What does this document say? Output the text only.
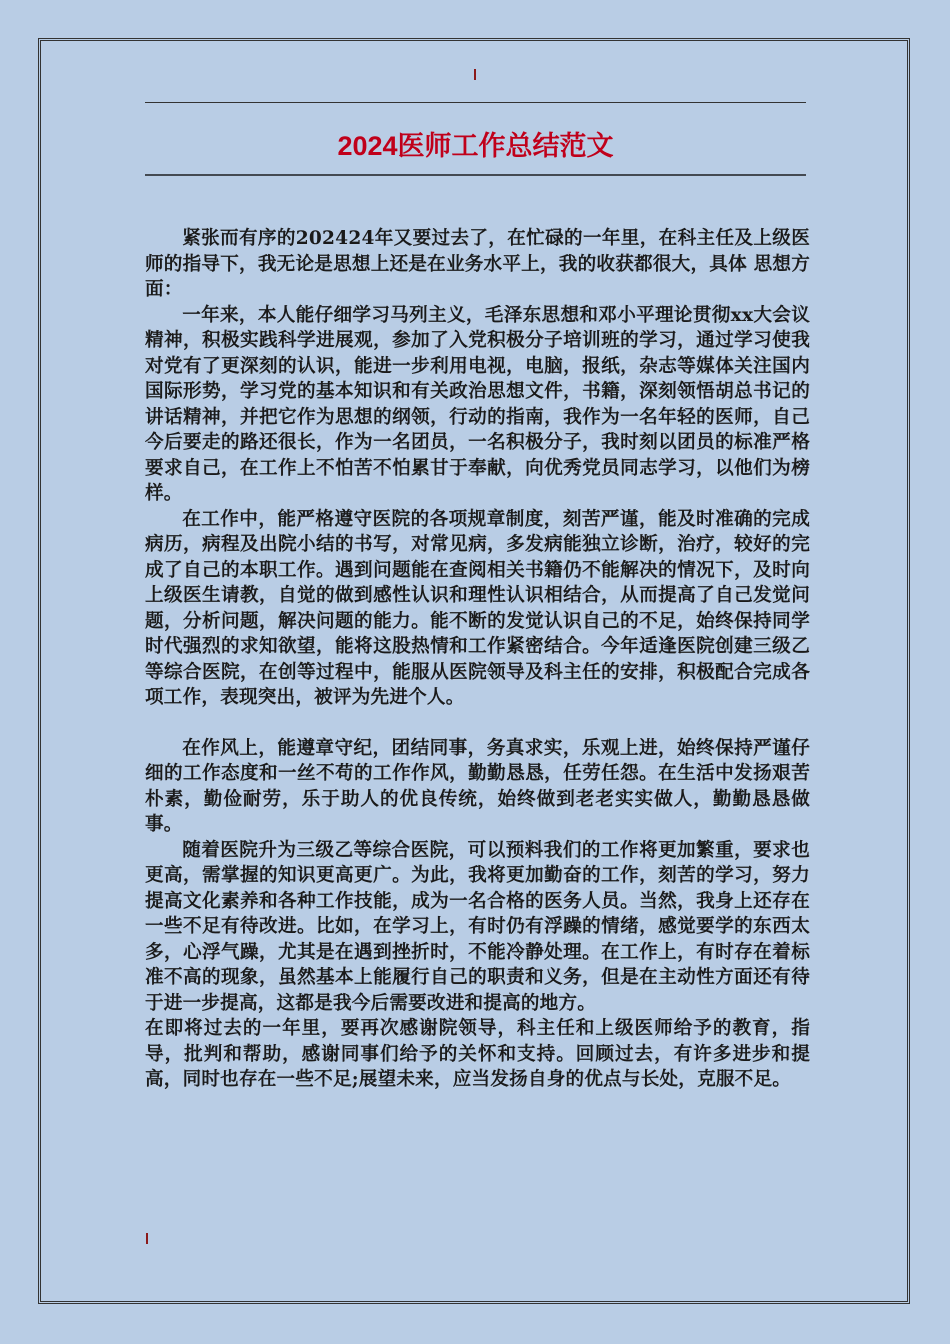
2024医师工作总结范文

紧张而有序的202424年又要过去了，在忙碌的一年里，在科主任及上级医师的指导下，我无论是思想上还是在业务水平上，我的收获都很大，具体 思想方面：

一年来，本人能仔细学习马列主义，毛泽东思想和邓小平理论贯彻xx大会议精神，积极实践科学进展观，参加了入党积极分子培训班的学习，通过学习使我对党有了更深刻的认识，能进一步利用电视，电脑，报纸，杂志等媒体关注国内国际形势，学习党的基本知识和有关政治思想文件，书籍，深刻领悟胡总书记的讲话精神，并把它作为思想的纲领，行动的指南，我作为一名年轻的医师，自己今后要走的路还很长，作为一名团员，一名积极分子，我时刻以团员的标准严格要求自己，在工作上不怕苦不怕累甘于奉献，向优秀党员同志学习，以他们为榜样。

在工作中，能严格遵守医院的各项规章制度，刻苦严谨，能及时准确的完成病历，病程及出院小结的书写，对常见病，多发病能独立诊断，治疗，较好的完成了自己的本职工作。遇到问题能在查阅相关书籍仍不能解决的情况下，及时向上级医生请教，自觉的做到感性认识和理性认识相结合，从而提高了自己发觉问题，分析问题，解决问题的能力。能不断的发觉认识自己的不足，始终保持同学时代强烈的求知欲望，能将这股热情和工作紧密结合。今年适逢医院创建三级乙等综合医院，在创等过程中，能服从医院领导及科主任的安排，积极配合完成各项工作，表现突出，被评为先进个人。

在作风上，能遵章守纪，团结同事，务真求实，乐观上进，始终保持严谨仔细的工作态度和一丝不苟的工作作风，勤勤恳恳，任劳任怨。在生活中发扬艰苦朴素，勤俭耐劳，乐于助人的优良传统，始终做到老老实实做人，勤勤恳恳做事。

随着医院升为三级乙等综合医院，可以预料我们的工作将更加繁重，要求也更高，需掌握的知识更高更广。为此，我将更加勤奋的工作，刻苦的学习，努力提高文化素养和各种工作技能，成为一名合格的医务人员。当然，我身上还存在一些不足有待改进。比如，在学习上，有时仍有浮躁的情绪，感觉要学的东西太多，心浮气躁，尤其是在遇到挫折时，不能冷静处理。在工作上，有时存在着标准不高的现象，虽然基本上能履行自己的职责和义务，但是在主动性方面还有待于进一步提高，这都是我今后需要改进和提高的地方。

在即将过去的一年里，要再次感谢院领导，科主任和上级医师给予的教育，指导，批判和帮助，感谢同事们给予的关怀和支持。回顾过去，有许多进步和提高，同时也存在一些不足;展望未来，应当发扬自身的优点与长处，克服不足。
